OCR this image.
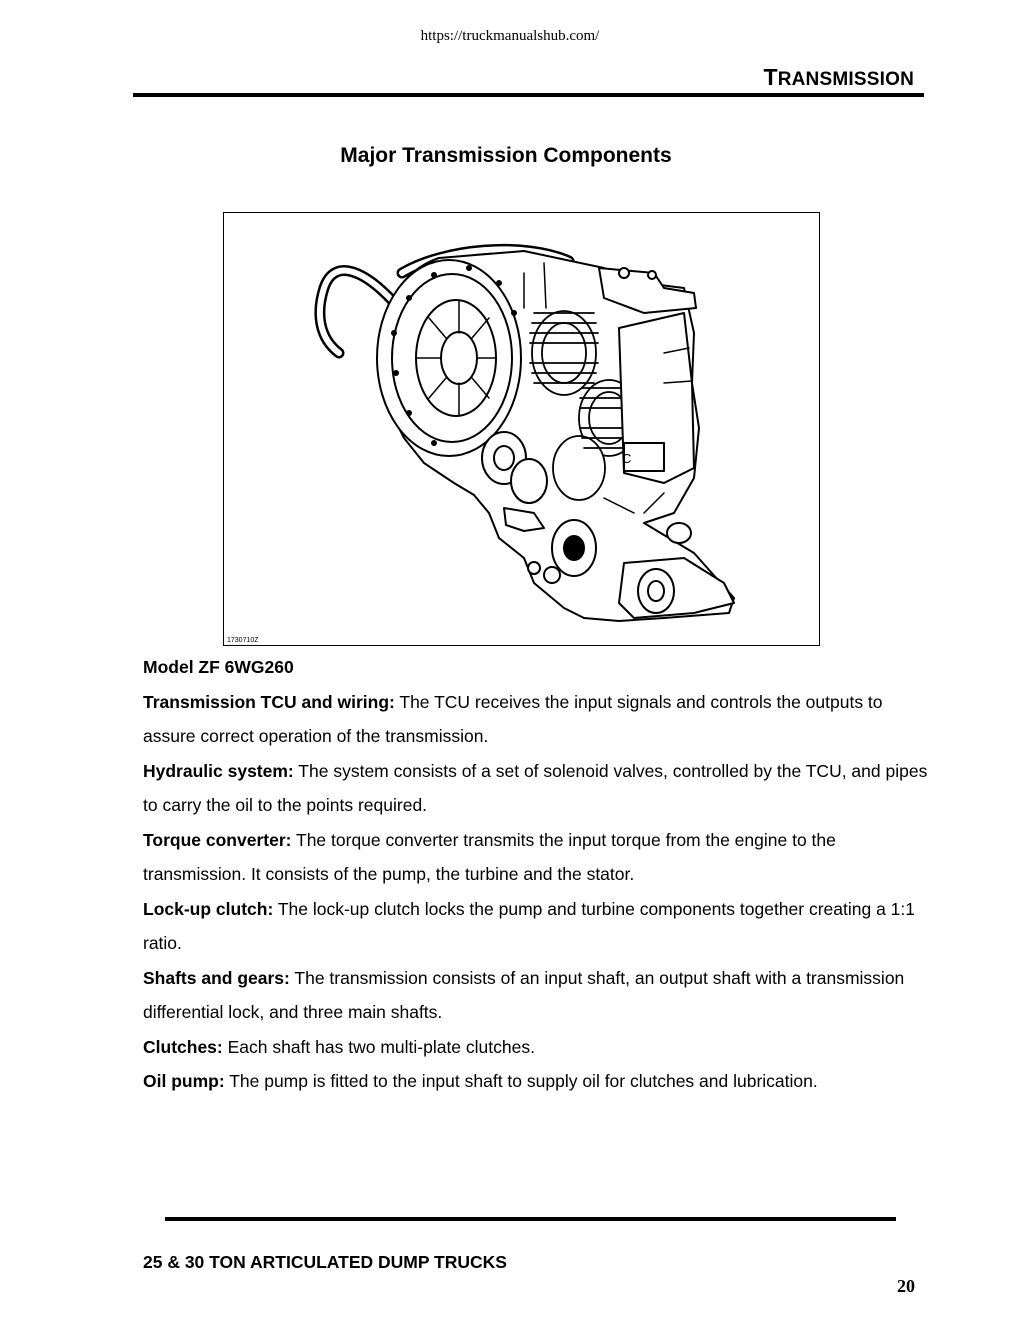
https://truckmanualshub.com/
TRANSMISSION
Major Transmission Components
C
1730710Z

Model ZF 6WG260

Transmission TCU and wiring: The TCU receives the input signals and controls the outputs to assure correct operation of the transmission.

Hydraulic system: The system consists of a set of solenoid valves, controlled by the TCU, and pipes to carry the oil to the points required.

Torque converter: The torque converter transmits the input torque from the engine to the transmission. It consists of the pump, the turbine and the stator.

Lock-up clutch: The lock-up clutch locks the pump and turbine components together creating a 1:1 ratio.

Shafts and gears: The transmission consists of an input shaft, an output shaft with a transmission differential lock, and three main shafts.

Clutches: Each shaft has two multi-plate clutches.

Oil pump: The pump is fitted to the input shaft to supply oil for clutches and lubrication.

25 & 30 TON ARTICULATED DUMP TRUCKS
20
